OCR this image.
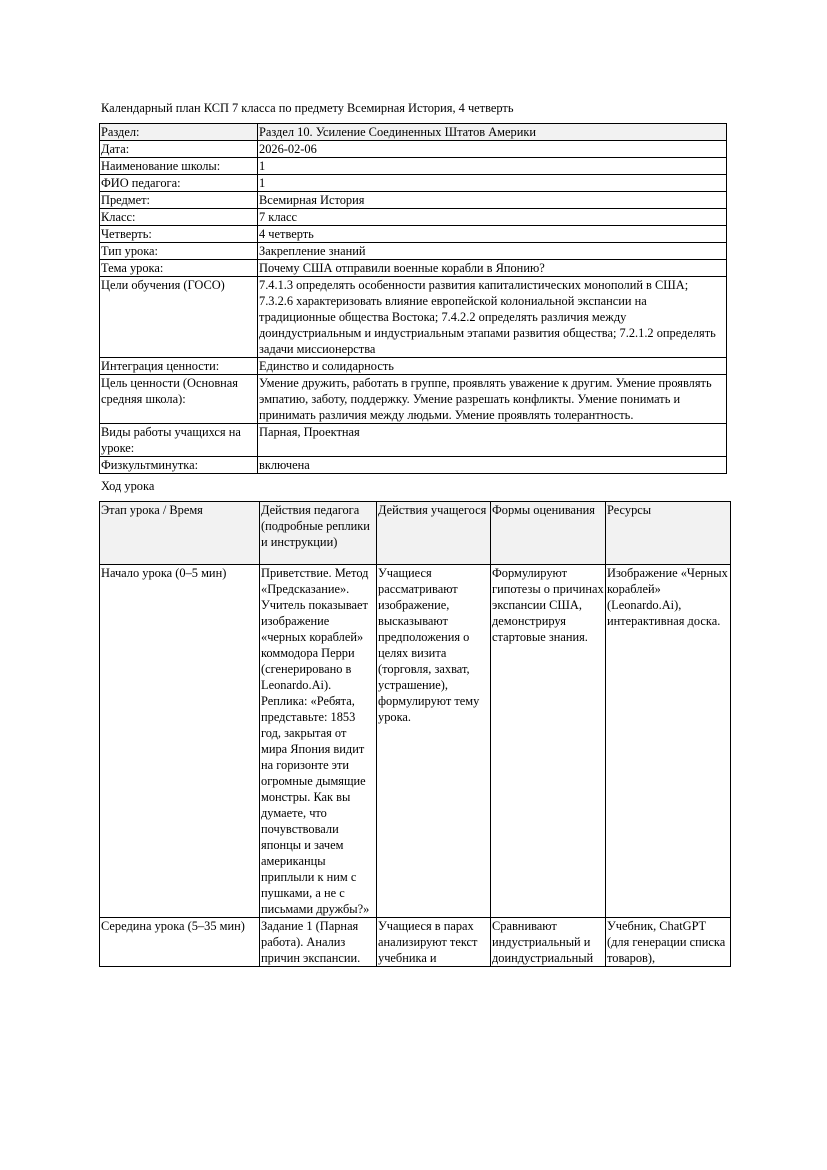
Календарный план КСП 7 класса по предмету Всемирная История, 4 четверть
Раздел:	Раздел 10. Усиление Соединенных Штатов Америки
Дата:	2026-02-06
Наименование школы:	1
ФИО педагога:	1
Предмет:	Всемирная История
Класс:	7 класс
Четверть:	4 четверть
Тип урока:	Закрепление знаний
Тема урока:	Почему США отправили военные корабли в Японию?
Цели обучения (ГОСО)	7.4.1.3 определять особенности развития капиталистических монополий в США; 7.3.2.6 характеризовать влияние европейской колониальной экспансии на традиционные общества Востока; 7.4.2.2 определять различия между доиндустриальным и индустриальным этапами развития общества; 7.2.1.2 определять задачи миссионерства
Интеграция ценности:	Единство и солидарность
Цель ценности (Основная средняя школа):	Умение дружить, работать в группе, проявлять уважение к другим. Умение проявлять эмпатию, заботу, поддержку. Умение разрешать конфликты. Умение понимать и принимать различия между людьми. Умение проявлять толерантность.
Виды работы учащихся на уроке:	Парная, Проектная
Физкультминутка:	включена
Ход урока
Этап урока / Время	Действия педагога (подробные реплики и инструкции)	Действия учащегося	Формы оценивания	Ресурсы
Начало урока (0–5 мин)	Приветствие. Метод «Предсказание». Учитель показывает изображение «черных кораблей» коммодора Перри (сгенерировано в Leonardo.Ai). Реплика: «Ребята, представьте: 1853 год, закрытая от мира Япония видит на горизонте эти огромные дымящие монстры. Как вы думаете, что почувствовали японцы и зачем американцы приплыли к ним с пушками, а не с письмами дружбы?»	Учащиеся рассматривают изображение, высказывают предположения о целях визита (торговля, захват, устрашение), формулируют тему урока.	Формулируют гипотезы о причинах экспансии США, демонстрируя стартовые знания.	Изображение «Черных кораблей» (Leonardo.Ai), интерактивная доска.
Середина урока (5–35 мин)	Задание 1 (Парная работа). Анализ причин экспансии.	Учащиеся в парах анализируют текст учебника и	Сравнивают индустриальный и доиндустриальный	Учебник, ChatGPT (для генерации списка товаров),
